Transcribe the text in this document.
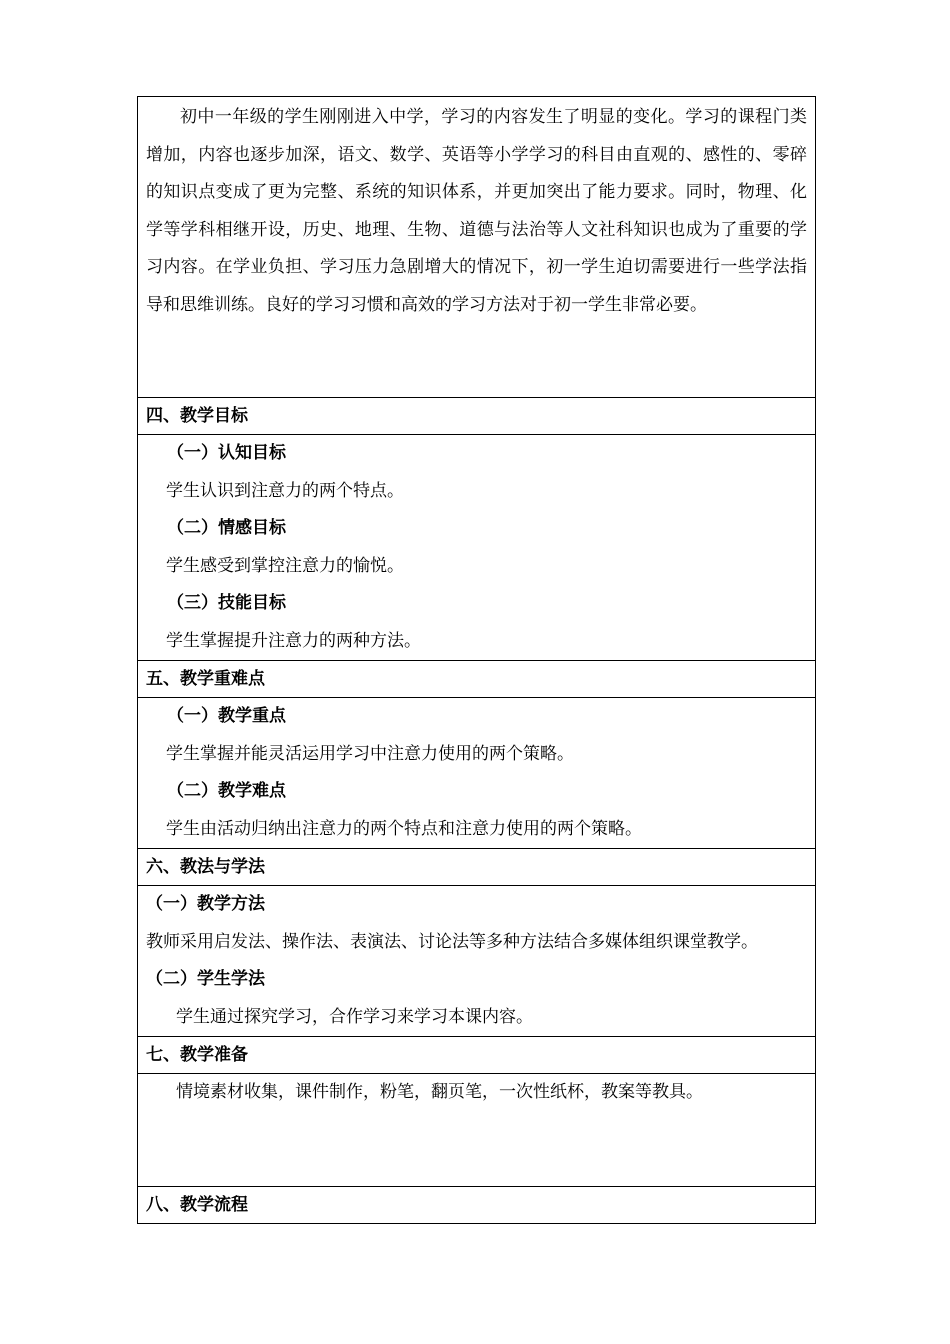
初中一年级的学生刚刚进入中学，学习的内容发生了明显的变化。学习的课程门类增加，内容也逐步加深，语文、数学、英语等小学学习的科目由直观的、感性的、零碎的知识点变成了更为完整、系统的知识体系，并更加突出了能力要求。同时，物理、化学等学科相继开设，历史、地理、生物、道德与法治等人文社科知识也成为了重要的学习内容。在学业负担、学习压力急剧增大的情况下，初一学生迫切需要进行一些学法指导和思维训练。良好的学习习惯和高效的学习方法对于初一学生非常必要。

四、教学目标

（一）认知目标
学生认识到注意力的两个特点。
（二）情感目标
学生感受到掌控注意力的愉悦。
（三）技能目标
学生掌握提升注意力的两种方法。

五、教学重难点

（一）教学重点
学生掌握并能灵活运用学习中注意力使用的两个策略。
（二）教学难点
学生由活动归纳出注意力的两个特点和注意力使用的两个策略。

六、教法与学法

（一）教学方法
教师采用启发法、操作法、表演法、讨论法等多种方法结合多媒体组织课堂教学。
（二）学生学法
学生通过探究学习，合作学习来学习本课内容。

七、教学准备

情境素材收集，课件制作，粉笔，翻页笔，一次性纸杯，教案等教具。

八、教学流程
